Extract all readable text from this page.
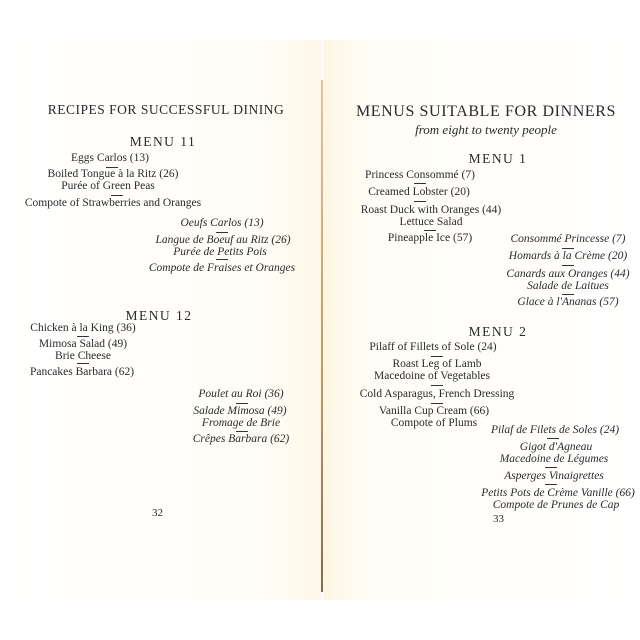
RECIPES FOR SUCCESSFUL DINING
MENU 11
Eggs Carlos (13)
Boiled Tongue à la Ritz (26)
Purée of Green Peas
Compote of Strawberries and Oranges
Oeufs Carlos (13)
Langue de Boeuf au Ritz (26)
Purée de Petits Pois
Compote de Fraises et Oranges
MENU 12
Chicken à la King (36)
Mimosa Salad (49)
Brie Cheese
Pancakes Barbara (62)
Poulet au Roi (36)
Salade Mimosa (49)
Fromage de Brie
Crêpes Barbara (62)
32
MENUS SUITABLE FOR DINNERS
from eight to twenty people
MENU 1
Princess Consommé (7)
Creamed Lobster (20)
Roast Duck with Oranges (44)
Lettuce Salad
Pineapple Ice (57)	Consommé Princesse (7)
Homards à la Crème (20)
Canards aux Oranges (44)
Salade de Laitues
Glace à l'Ananas (57)
MENU 2
Pilaff of Fillets of Sole (24)
Roast Leg of Lamb
Macedoine of Vegetables
Cold Asparagus, French Dressing
Vanilla Cup Cream (66)
Compote of Plums
Pilaf de Filets de Soles (24)
Gigot d'Agneau
Macedoine de Légumes
Asperges Vinaigrettes
Petits Pots de Crème Vanille (66)
Compote de Prunes de Cap
33
